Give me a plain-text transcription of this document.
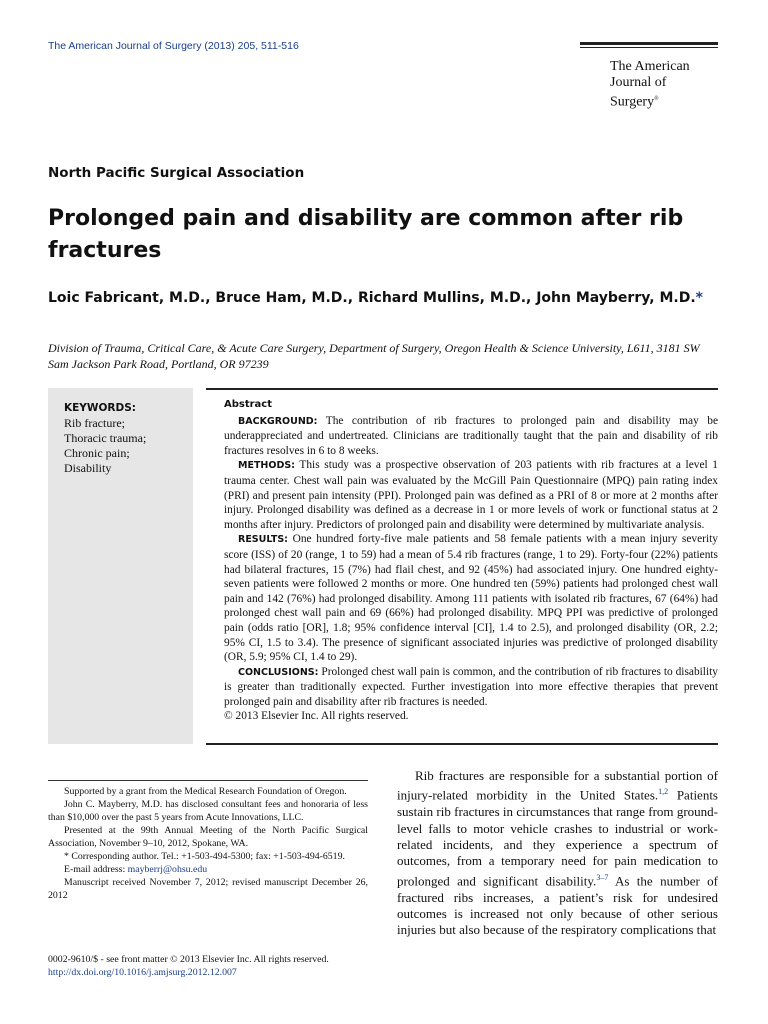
The American Journal of Surgery (2013) 205, 511-516
The American
Journal of Surgery®
North Pacific Surgical Association
Prolonged pain and disability are common after rib fractures
Loic Fabricant, M.D., Bruce Ham, M.D., Richard Mullins, M.D., John Mayberry, M.D.*
Division of Trauma, Critical Care, & Acute Care Surgery, Department of Surgery, Oregon Health & Science University, L611, 3181 SW Sam Jackson Park Road, Portland, OR 97239
KEYWORDS:
Rib fracture;
Thoracic trauma;
Chronic pain;
Disability
Abstract

BACKGROUND: The contribution of rib fractures to prolonged pain and disability may be underappreciated and undertreated. Clinicians are traditionally taught that the pain and disability of rib fractures resolves in 6 to 8 weeks.

METHODS: This study was a prospective observation of 203 patients with rib fractures at a level 1 trauma center. Chest wall pain was evaluated by the McGill Pain Questionnaire (MPQ) pain rating index (PRI) and present pain intensity (PPI). Prolonged pain was defined as a PRI of 8 or more at 2 months after injury. Prolonged disability was defined as a decrease in 1 or more levels of work or functional status at 2 months after injury. Predictors of prolonged pain and disability were determined by multivariate analysis.

RESULTS: One hundred forty-five male patients and 58 female patients with a mean injury severity score (ISS) of 20 (range, 1 to 59) had a mean of 5.4 rib fractures (range, 1 to 29). Forty-four (22%) patients had bilateral fractures, 15 (7%) had flail chest, and 92 (45%) had associated injury. One hundred eighty-seven patients were followed 2 months or more. One hundred ten (59%) patients had prolonged chest wall pain and 142 (76%) had prolonged disability. Among 111 patients with isolated rib fractures, 67 (64%) had prolonged chest wall pain and 69 (66%) had prolonged disability. MPQ PPI was predictive of prolonged pain (odds ratio [OR], 1.8; 95% confidence interval [CI], 1.4 to 2.5), and prolonged disability (OR, 2.2; 95% CI, 1.5 to 3.4). The presence of significant associated injuries was predictive of prolonged disability (OR, 5.9; 95% CI, 1.4 to 29).

CONCLUSIONS: Prolonged chest wall pain is common, and the contribution of rib fractures to disability is greater than traditionally expected. Further investigation into more effective therapies that prevent prolonged pain and disability after rib fractures is needed.

© 2013 Elsevier Inc. All rights reserved.

Supported by a grant from the Medical Research Foundation of Oregon.

John C. Mayberry, M.D. has disclosed consultant fees and honoraria of less than $10,000 over the past 5 years from Acute Innovations, LLC.

Presented at the 99th Annual Meeting of the North Pacific Surgical Association, November 9–10, 2012, Spokane, WA.

* Corresponding author. Tel.: +1-503-494-5300; fax: +1-503-494-6519.

E-mail address: mayberrj@ohsu.edu

Manuscript received November 7, 2012; revised manuscript December 26, 2012

0002-9610/$ - see front matter © 2013 Elsevier Inc. All rights reserved.
http://dx.doi.org/10.1016/j.amjsurg.2012.12.007

Rib fractures are responsible for a substantial portion of injury-related morbidity in the United States.$^{1,2}$ Patients sustain rib fractures in circumstances that range from ground- level falls to motor vehicle crashes to industrial or work-related incidents, and they experience a spectrum of outcomes, from a temporary need for pain medication to prolonged and significant disability.$^{3-7}$ As the number of fractured ribs increases, a patient’s risk for undesired outcomes is increased not only because of other serious injuries but also because of the respiratory complications that
